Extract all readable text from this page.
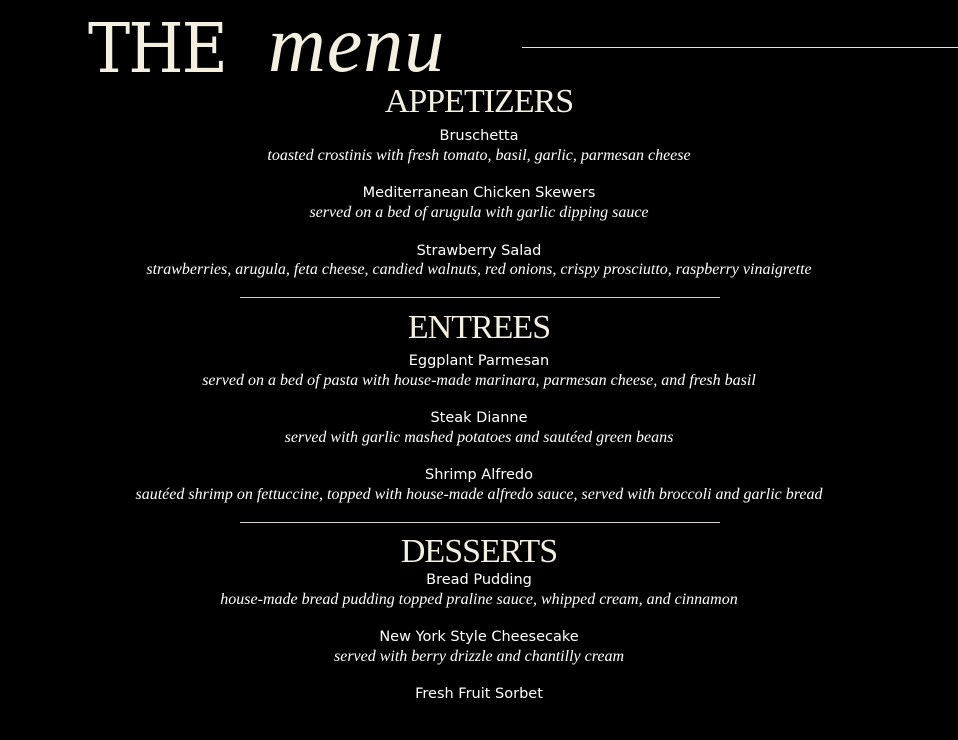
THE menu
APPETIZERS
Bruschetta
toasted crostinis with fresh tomato, basil, garlic, parmesan cheese
Mediterranean Chicken Skewers
served on a bed of arugula with garlic dipping sauce
Strawberry Salad
strawberries, arugula, feta cheese, candied walnuts, red onions, crispy prosciutto, raspberry vinaigrette
ENTREES
Eggplant Parmesan
served on a bed of pasta with house-made marinara, parmesan cheese, and fresh basil
Steak Dianne
served with garlic mashed potatoes and sautéed green beans
Shrimp Alfredo
sautéed shrimp on fettuccine, topped with house-made alfredo sauce, served with broccoli and garlic bread
DESSERTS
Bread Pudding
house-made bread pudding topped praline sauce, whipped cream, and cinnamon
New York Style Cheesecake
served with berry drizzle and chantilly cream
Fresh Fruit Sorbet
